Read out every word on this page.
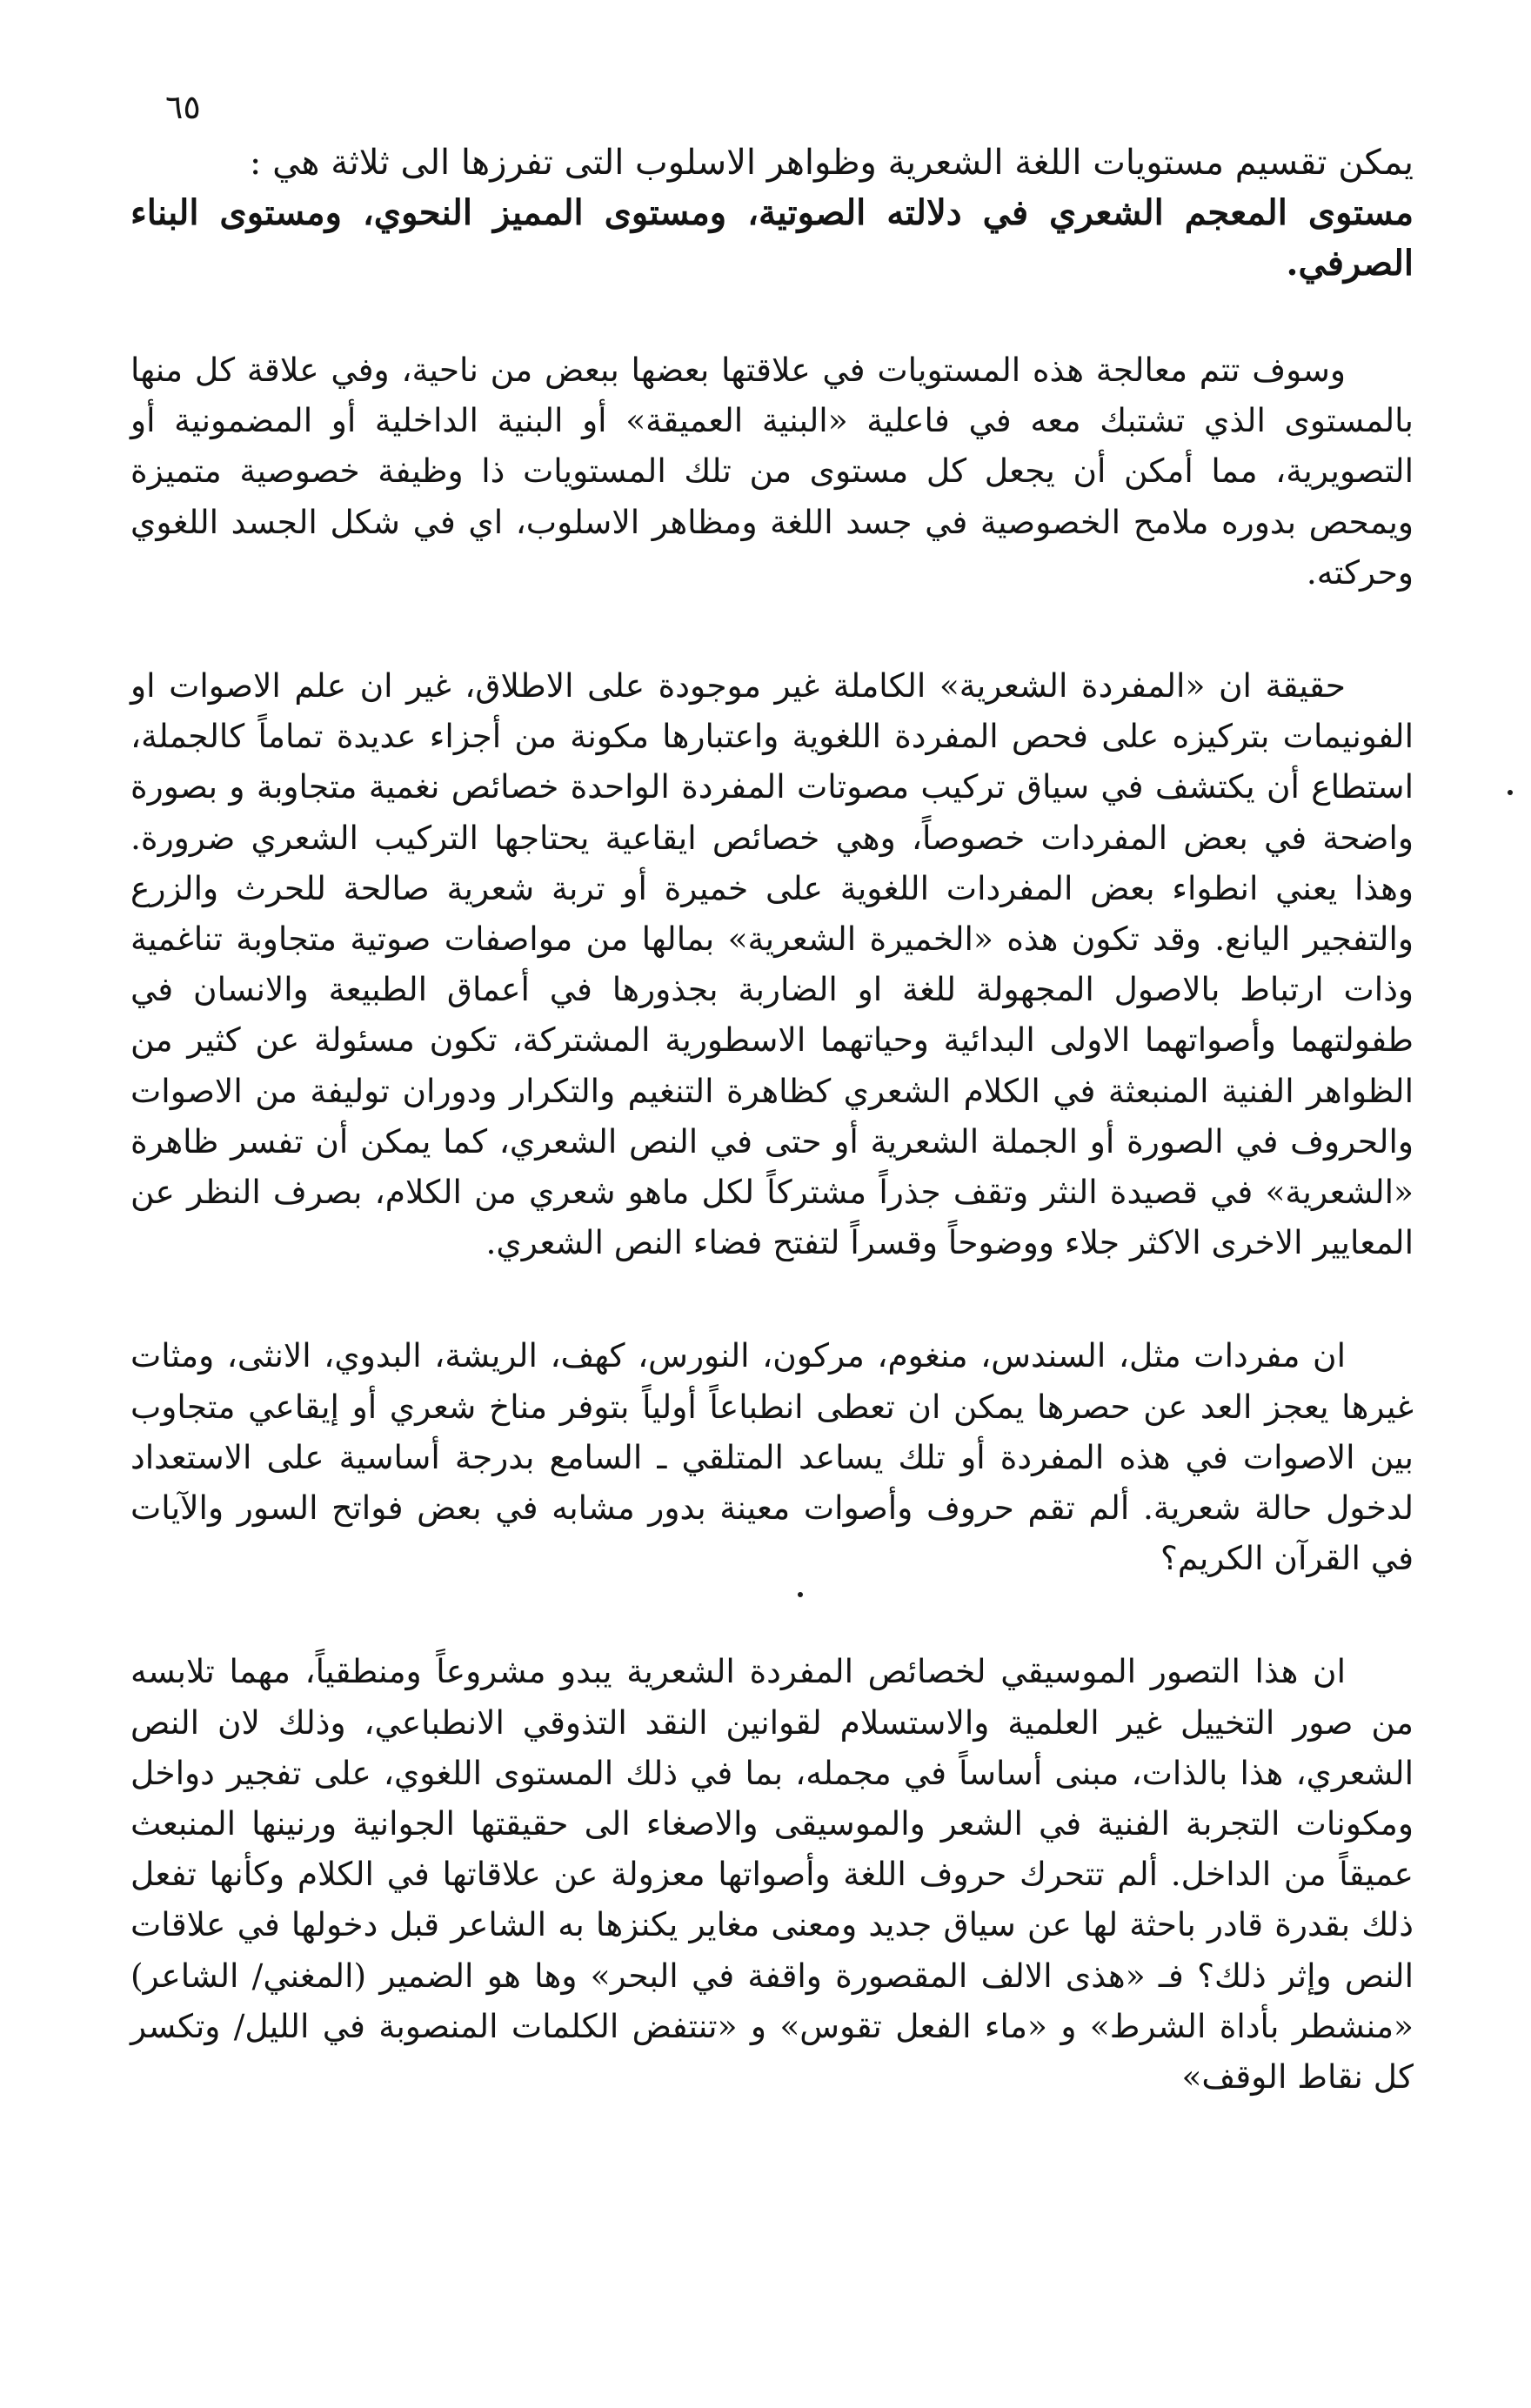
٦٥
يمكن تقسيم مستويات اللغة الشعرية وظواهر الاسلوب التى تفرزها الى ثلاثة هي :
مستوى المعجم الشعري في دلالته الصوتية، ومستوى المميز النحوي، ومستوى البناء الصرفي.

وسوف تتم معالجة هذه المستويات في علاقتها بعضها ببعض من ناحية، وفي علاقة كل منها بالمستوى الذي تشتبك معه في فاعلية «البنية العميقة» أو البنية الداخلية أو المضمونية أو التصويرية، مما أمكن أن يجعل كل مستوى من تلك المستويات ذا وظيفة خصوصية متميزة ويمحص بدوره ملامح الخصوصية في جسد اللغة ومظاهر الاسلوب، اي في شكل الجسد اللغوي وحركته.

حقيقة ان «المفردة الشعرية» الكاملة غير موجودة على الاطلاق، غير ان علم الاصوات او الفونيمات بتركيزه على فحص المفردة اللغوية واعتبارها مكونة من أجزاء عديدة تماماً كالجملة، استطاع أن يكتشف في سياق تركيب مصوتات المفردة الواحدة خصائص نغمية متجاوبة و بصورة واضحة في بعض المفردات خصوصاً، وهي خصائص ايقاعية يحتاجها التركيب الشعري ضرورة. وهذا يعني انطواء بعض المفردات اللغوية على خميرة أو تربة شعرية صالحة للحرث والزرع والتفجير اليانع. وقد تكون هذه «الخميرة الشعرية» بمالها من مواصفات صوتية متجاوبة تناغمية وذات ارتباط بالاصول المجهولة للغة او الضاربة بجذورها في أعماق الطبيعة والانسان في طفولتهما وأصواتهما الاولى البدائية وحياتهما الاسطورية المشتركة، تكون مسئولة عن كثير من الظواهر الفنية المنبعثة في الكلام الشعري كظاهرة التنغيم والتكرار ودوران توليفة من الاصوات والحروف في الصورة أو الجملة الشعرية أو حتى في النص الشعري، كما يمكن أن تفسر ظاهرة «الشعرية» في قصيدة النثر وتقف جذراً مشتركاً لكل ماهو شعري من الكلام، بصرف النظر عن المعايير الاخرى الاكثر جلاء ووضوحاً وقسراً لتفتح فضاء النص الشعري.

ان مفردات مثل، السندس، منغوم، مركون، النورس، كهف، الريشة، البدوي، الانثى، ومثات غيرها يعجز العد عن حصرها يمكن ان تعطى انطباعاً أولياً بتوفر مناخ شعري أو إيقاعي متجاوب بين الاصوات في هذه المفردة أو تلك يساعد المتلقي ـ السامع بدرجة أساسية على الاستعداد لدخول حالة شعرية. ألم تقم حروف وأصوات معينة بدور مشابه في بعض فواتح السور والآيات في القرآن الكريم؟

ان هذا التصور الموسيقي لخصائص المفردة الشعرية يبدو مشروعاً ومنطقياً، مهما تلابسه من صور التخييل غير العلمية والاستسلام لقوانين النقد التذوقي الانطباعي، وذلك لان النص الشعري، هذا بالذات، مبنى أساساً في مجمله، بما في ذلك المستوى اللغوي، على تفجير دواخل ومكونات التجربة الفنية في الشعر والموسيقى والاصغاء الى حقيقتها الجوانية ورنينها المنبعث عميقاً من الداخل. ألم تتحرك حروف اللغة وأصواتها معزولة عن علاقاتها في الكلام وكأنها تفعل ذلك بقدرة قادر باحثة لها عن سياق جديد ومعنى مغاير يكنزها به الشاعر قبل دخولها في علاقات النص وإثر ذلك؟ فـ «هذى الالف المقصورة واقفة في البحر» وها هو الضمير (المغني/ الشاعر) «منشطر بأداة الشرط» و «ماء الفعل تقوس» و «تنتفض الكلمات المنصوبة في الليل/ وتكسر كل نقاط الوقف»
